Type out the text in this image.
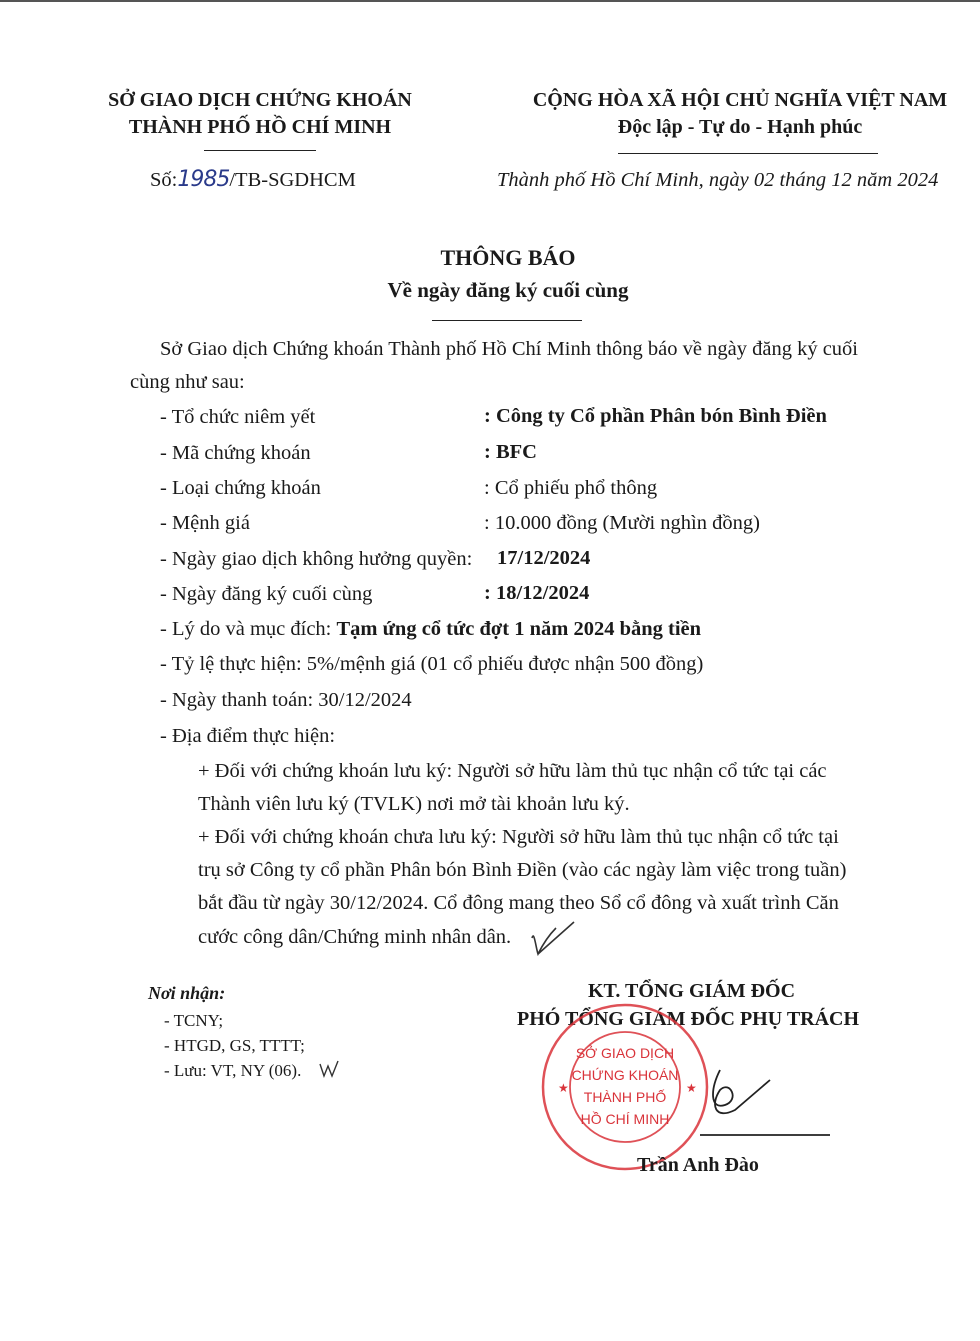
SỞ GIAO DỊCH CHỨNG KHOÁN
THÀNH PHỐ HỒ CHÍ MINH
CỘNG HÒA XÃ HỘI CHỦ NGHĨA VIỆT NAM
Độc lập - Tự do - Hạnh phúc
Số:1985/TB-SGDHCM	Thành phố Hồ Chí Minh, ngày 02 tháng 12 năm 2024
THÔNG BÁO
Về ngày đăng ký cuối cùng
Sở Giao dịch Chứng khoán Thành phố Hồ Chí Minh thông báo về ngày đăng ký cuối
cùng như sau:
- Tổ chức niêm yết	: Công ty Cổ phần Phân bón Bình Điền
- Mã chứng khoán	: BFC
- Loại chứng khoán	: Cổ phiếu phổ thông
- Mệnh giá	: 10.000 đồng (Mười nghìn đồng)
- Ngày giao dịch không hưởng quyền: 17/12/2024
- Ngày đăng ký cuối cùng	: 18/12/2024
- Lý do và mục đích: Tạm ứng cổ tức đợt 1 năm 2024 bằng tiền
- Tỷ lệ thực hiện: 5%/mệnh giá (01 cổ phiếu được nhận 500 đồng)
- Ngày thanh toán: 30/12/2024
- Địa điểm thực hiện:
+ Đối với chứng khoán lưu ký: Người sở hữu làm thủ tục nhận cổ tức tại các
Thành viên lưu ký (TVLK) nơi mở tài khoản lưu ký.
+ Đối với chứng khoán chưa lưu ký: Người sở hữu làm thủ tục nhận cổ tức tại
trụ sở Công ty cổ phần Phân bón Bình Điền (vào các ngày làm việc trong tuần)
bắt đầu từ ngày 30/12/2024. Cổ đông mang theo Sổ cổ đông và xuất trình Căn
cước công dân/Chứng minh nhân dân.
Nơi nhận:
- TCNY;
- HTGD, GS, TTTT;
- Lưu: VT, NY (06).
KT. TỔNG GIÁM ĐỐC
PHÓ TỔNG GIÁM ĐỐC PHỤ TRÁCH
SỞ GIAO DỊCH
CHỨNG KHOÁN
THÀNH PHỐ
HỒ CHÍ MINH
★	★
Trần Anh Đào
